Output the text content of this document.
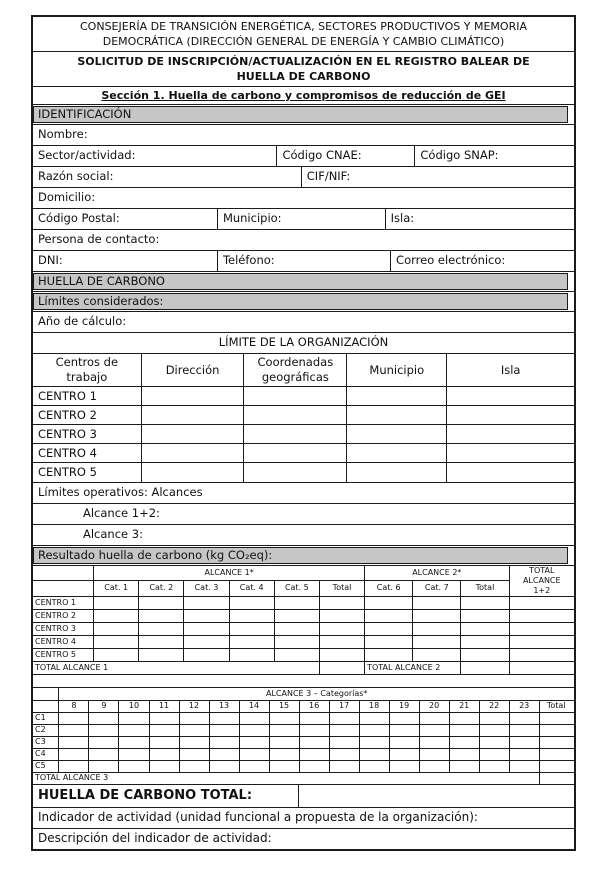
CONSEJERÍA DE TRANSICIÓN ENERGÉTICA, SECTORES PRODUCTIVOS Y MEMORIA DEMOCRÁTICA (DIRECCIÓN GENERAL DE ENERGÍA Y CAMBIO CLIMÁTICO)
SOLICITUD DE INSCRIPCIÓN/ACTUALIZACIÓN EN EL REGISTRO BALEAR DE HUELLA DE CARBONO
Sección 1. Huella de carbono y compromisos de reducción de GEI
IDENTIFICACIÓN
Nombre:
Sector/actividad:	Código CNAE:	Código SNAP:
Razón social:	CIF/NIF:
Domicilio:
Código Postal:	Municipio:	Isla:
Persona de contacto:
DNI:	Teléfono:	Correo electrónico:
HUELLA DE CARBONO
Límites considerados:
Año de cálculo:
LÍMITE DE LA ORGANIZACIÓN
Centros de trabajo	Dirección	Coordenadas geográficas	Municipio	Isla
CENTRO 1				
CENTRO 2				
CENTRO 3				
CENTRO 4				
CENTRO 5				
Límites operativos: Alcances
Alcance 1+2:
Alcance 3:
Resultado huella de carbono (kg CO₂eq):
	ALCANCE 1*						ALCANCE 2*			TOTAL ALCANCE 1+2
	Cat. 1	Cat. 2	Cat. 3	Cat. 4	Cat. 5	Total	Cat. 6	Cat. 7	Total	
CENTRO 1										
CENTRO 2										
CENTRO 3										
CENTRO 4										
CENTRO 5										
TOTAL ALCANCE 1							TOTAL ALCANCE 2			
	ALCANCE 3 – Categorías*																
	8	9	10	11	12	13	14	15	16	17	18	19	20	21	22	23	Total
C1																	
C2																	
C3																	
C4																	
C5																	
TOTAL ALCANCE 3																	
HUELLA DE CARBONO TOTAL:
Indicador de actividad (unidad funcional a propuesta de la organización):
Descripción del indicador de actividad:
